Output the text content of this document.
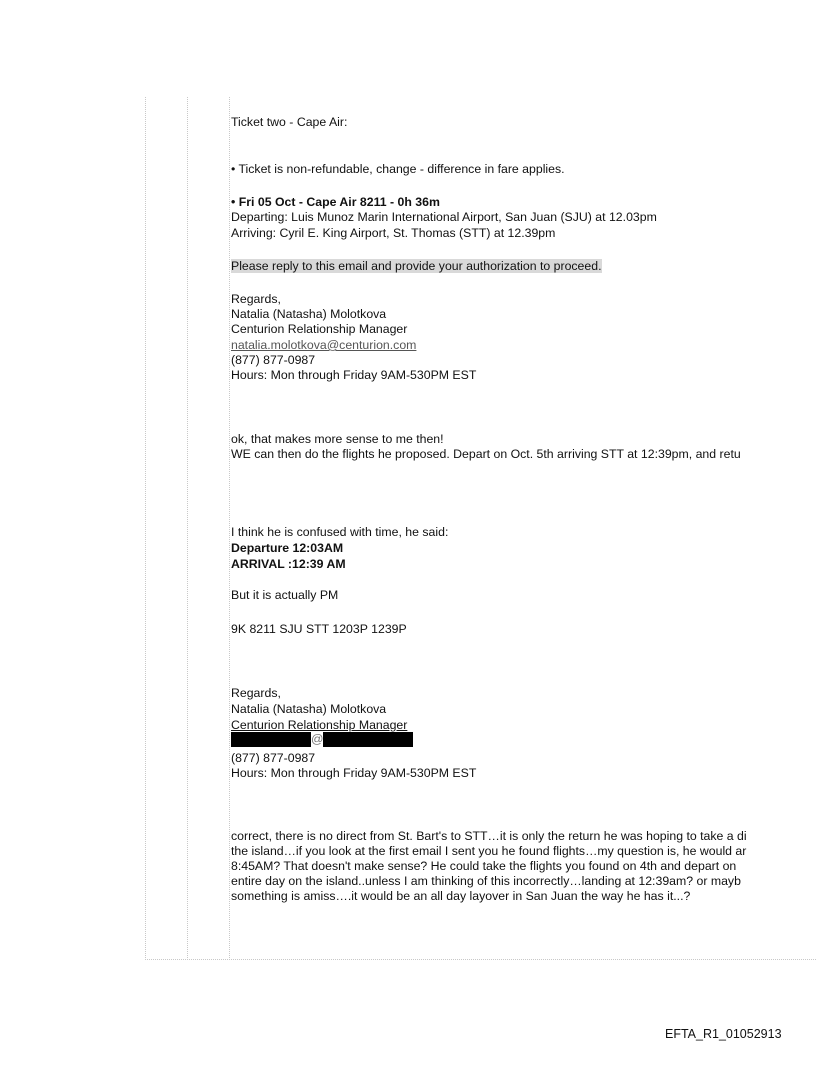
Ticket two - Cape Air:
• Ticket is non-refundable, change - difference in fare applies.
• Fri 05 Oct - Cape Air 8211 - 0h 36m
Departing: Luis Munoz Marin International Airport, San Juan (SJU) at 12.03pm
Arriving: Cyril E. King Airport, St. Thomas (STT) at 12.39pm
Please reply to this email and provide your authorization to proceed.
Regards,
Natalia (Natasha) Molotkova
Centurion Relationship Manager
natalia.molotkova@centurion.com
(877) 877-0987
Hours: Mon through Friday 9AM-530PM EST
ok, that makes more sense to me then!
WE can then do the flights he proposed. Depart on Oct. 5th arriving STT at 12:39pm, and retu
I think he is confused with time, he said:
Departure 12:03AM
ARRIVAL :12:39 AM
But it is actually PM
9K 8211 SJU STT 1203P 1239P
Regards,
Natalia (Natasha) Molotkova
Centurion Relationship Manager
@
(877) 877-0987
Hours: Mon through Friday 9AM-530PM EST
correct, there is no direct from St. Bart's to STT…it is only the return he was hoping to take a di
the island…if you look at the first email I sent you he found flights…my question is, he would ar
8:45AM? That doesn't make sense? He could take the flights you found on 4th and depart on
entire day on the island..unless I am thinking of this incorrectly…landing at 12:39am? or mayb
something is amiss….it would be an all day layover in San Juan the way he has it...?
EFTA_R1_01052913
